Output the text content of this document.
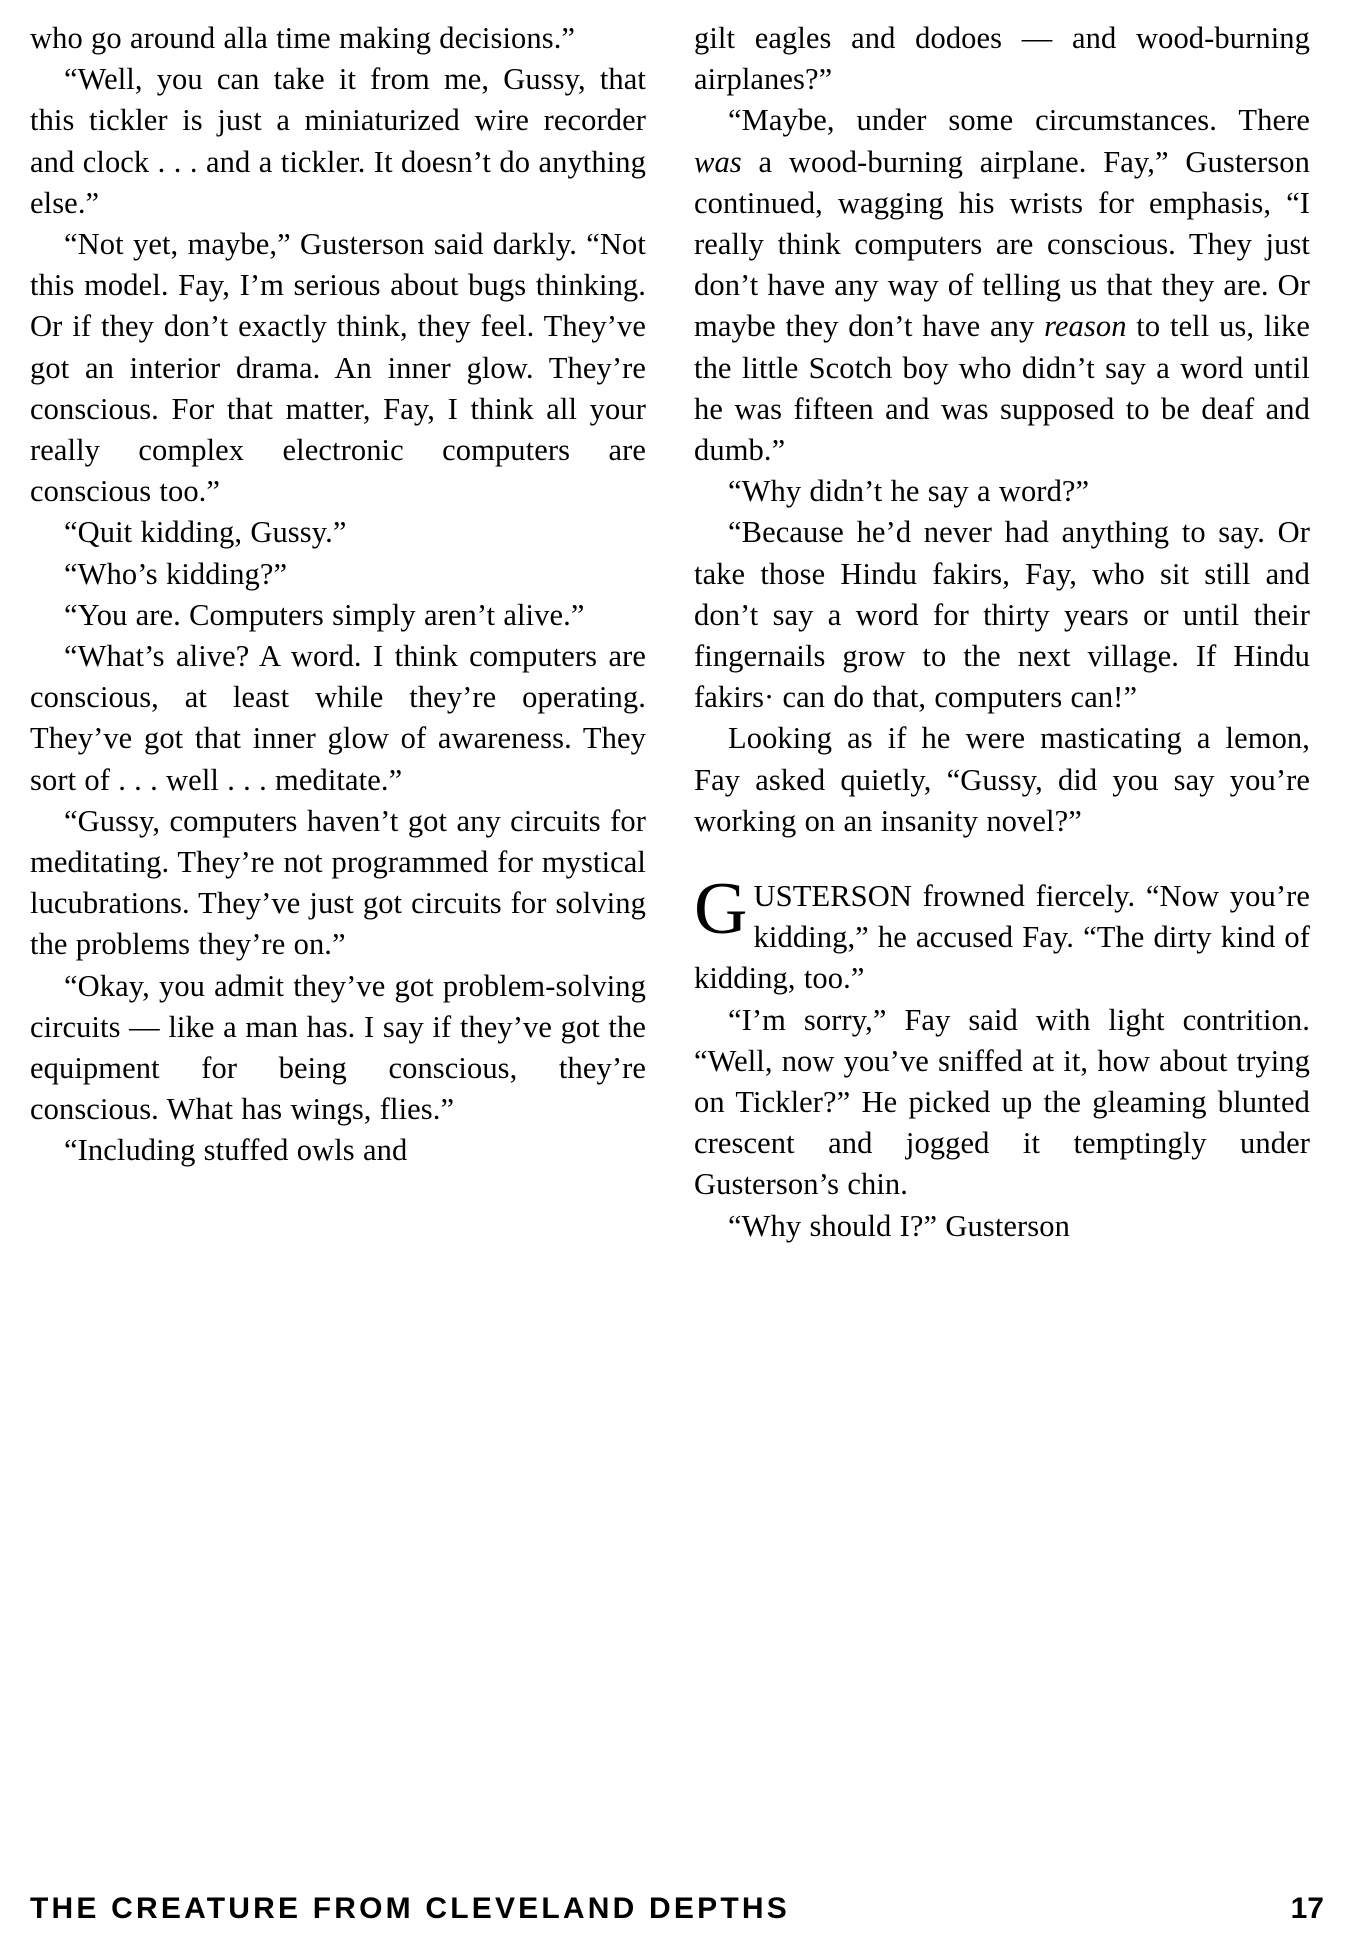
who go around alla time making decisions.”

“Well, you can take it from me, Gussy, that this tickler is just a miniaturized wire recorder and clock . . . and a tickler. It doesn’t do anything else.”

“Not yet, maybe,” Gusterson said darkly. “Not this model. Fay, I’m serious about bugs thinking. Or if they don’t exactly think, they feel. They’ve got an interior drama. An inner glow. They’re conscious. For that matter, Fay, I think all your really complex electronic computers are conscious too.”

“Quit kidding, Gussy.”

“Who’s kidding?”

“You are. Computers simply aren’t alive.”

“What’s alive? A word. I think computers are conscious, at least while they’re operating. They’ve got that inner glow of awareness. They sort of . . . well . . . meditate.”

“Gussy, computers haven’t got any circuits for meditating. They’re not programmed for mystical lucubrations. They’ve just got circuits for solving the problems they’re on.”

“Okay, you admit they’ve got problem-solving circuits — like a man has. I say if they’ve got the equipment for being conscious, they’re conscious. What has wings, flies.”

“Including stuffed owls and

gilt eagles and dodoes — and wood-burning airplanes?”

“Maybe, under some circumstances. There was a wood-burning airplane. Fay,” Gusterson continued, wagging his wrists for emphasis, “I really think computers are conscious. They just don’t have any way of telling us that they are. Or maybe they don’t have any reason to tell us, like the little Scotch boy who didn’t say a word until he was fifteen and was supposed to be deaf and dumb.”

“Why didn’t he say a word?”

“Because he’d never had anything to say. Or take those Hindu fakirs, Fay, who sit still and don’t say a word for thirty years or until their fingernails grow to the next village. If Hindu fakirs· can do that, computers can!”

Looking as if he were masticating a lemon, Fay asked quietly, “Gussy, did you say you’re working on an insanity novel?”

GUSTERSON frowned fiercely. “Now you’re kidding,” he accused Fay. “The dirty kind of kidding, too.”

“I’m sorry,” Fay said with light contrition. “Well, now you’ve sniffed at it, how about trying on Tickler?” He picked up the gleaming blunted crescent and jogged it temptingly under Gusterson’s chin.

“Why should I?” Gusterson

THE CREATURE FROM CLEVELAND DEPTHS	17
